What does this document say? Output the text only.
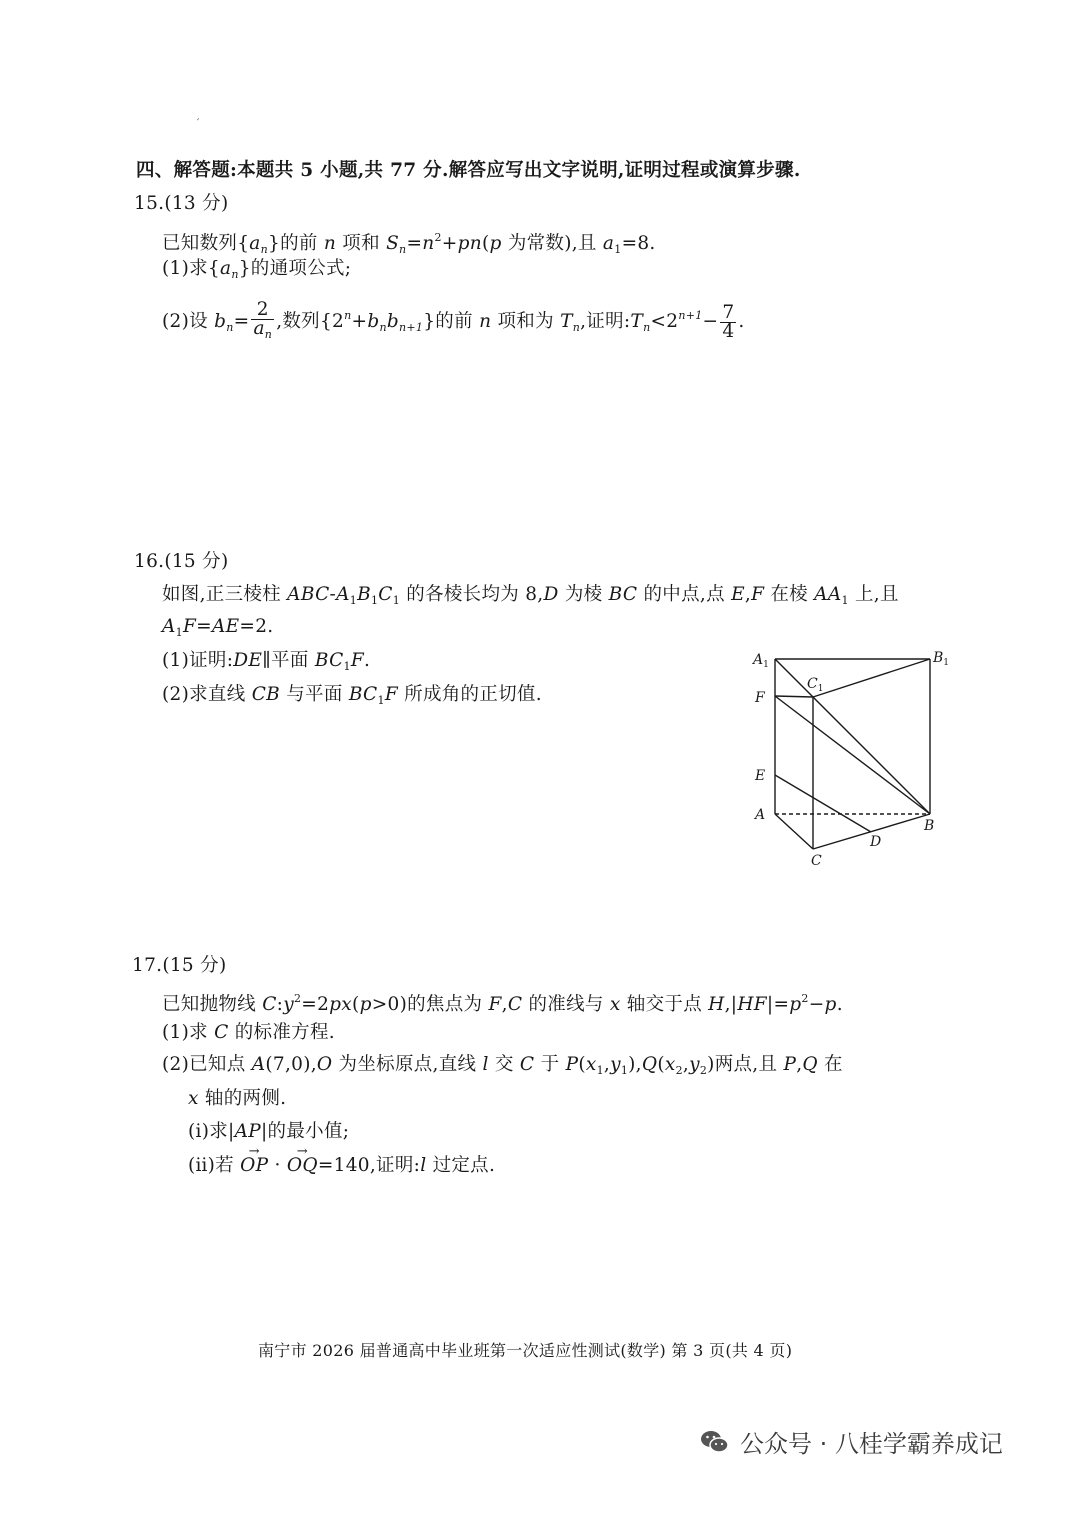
′
四、解答题:本题共 5 小题,共 77 分.解答应写出文字说明,证明过程或演算步骤.
15.(13 分)
已知数列$\{a_n\}$的前 n 项和 $S_n=n^2+pn(p$ 为常数),且 $a_1=8$.
(1)求$\{a_n\}$的通项公式;
(2)设 $b_n= \frac{2}{a_n}$ ,数列$\{2^n+b_nb_{n+1}\}$的前 n 项和为 $T_n$,证明$:T_n<2^{n+1}- \frac{7}{4}$ .
16.(15 分)
如图,正三棱柱 ABC-$A_1B_1C_1$ 的各棱长均为 8,D 为棱 BC 的中点,点 E,F 在棱 $AA_1$ 上,且
$A_1F=AE=2$.
(1)证明:DE∥平面 $BC_1F$.
(2)求直线 CB 与平面 $BC_1F$ 所成角的正切值.
$A_1$	$B_1$
$C_1$
F
E
A
B
C
D
17.(15 分)
已知抛物线 $C:y^2=2px(p>0)$的焦点为 F,C 的准线与 x 轴交于点 $H,|HF|=p^2-p$.
(1)求 C 的标准方程.
(2)已知点 A(7,0),O 为坐标原点,直线 l 交 C 于 $P(x_1,y_1),Q(x_2,y_2)$两点,且 P,Q 在
x 轴的两侧.
(ⅰ)求|AP|的最小值;
(ⅱ)若 → OP · → OQ=140,证明:l 过定点.
南宁市 2026 届普通高中毕业班第一次适应性测试(数学) 第 3 页(共 4 页)
公众号 · 八桂学霸养成记
